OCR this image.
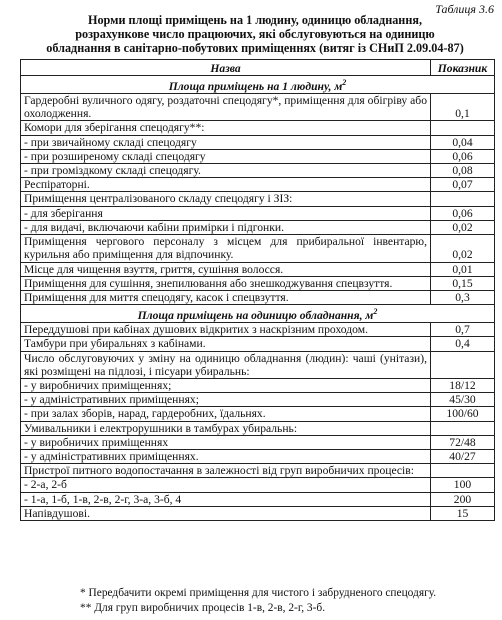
Таблиця 3.6
Норми площі приміщень на 1 людину, одиницю обладнання,
розрахункове число працюючих, які обслуговуються на одиницю
обладнання в санітарно-побутових приміщеннях (витяг із СНиП 2.09.04-87)
Назва	Показник
Площа приміщень на 1 людину, $м^2$
Гардеробні вуличного одягу, роздаточні спецодягу*, приміщення для обігріву або охолодження.	0,1
Комори для зберігання спецодягу**:	
- при звичайному складі спецодягу	0,04
- при розширеному складі спецодягу	0,06
- при громіздкому складі спецодягу.	0,08
Респіраторні.	0,07
Приміщення централізованого складу спецодягу і ЗІЗ:	
- для зберігання	0,06
- для видачі, включаючи кабіни примірки і підгонки.	0,02
Приміщення чергового персоналу з місцем для прибиральної інвентарю, курильня або приміщення для відпочинку.	0,02
Місце для чищення взуття, гриття, сушіння волосся.	0,01
Приміщення для сушіння, знепилювання або знешкоджування спецвзуття.	0,15
Приміщення для миття спецодягу, касок і спецвзуття.	0,3
Площа приміщень на одиницю обладнання, $м^2$
Переддушові при кабінах душових відкритих з наскрізним проходом.	0,7
Тамбури при убиральнях з кабінами.	0,4
Число обслуговуючих у зміну на одиницю обладнання (людин): чаші (унітази), які розміщені на підлозі, і пісуари убиральнь:	
- у виробничих приміщеннях;	18/12
- у адміністративних приміщеннях;	45/30
- при залах зборів, нарад, гардеробних, їдальнях.	100/60
Умивальники і електрорушники в тамбурах убиральнь:	
- у виробничих приміщеннях	72/48
- у адміністративних приміщеннях.	40/27
Пристрої питного водопостачання в залежності від груп виробничих процесів:	
- 2-а, 2-б	100
- 1-а, 1-б, 1-в, 2-в, 2-г, 3-а, 3-б, 4	200
Напівдушові.	15
* Передбачити окремі приміщення для чистого і забрудненого спецодягу.
** Для груп виробничих процесів 1-в, 2-в, 2-г, 3-б.
